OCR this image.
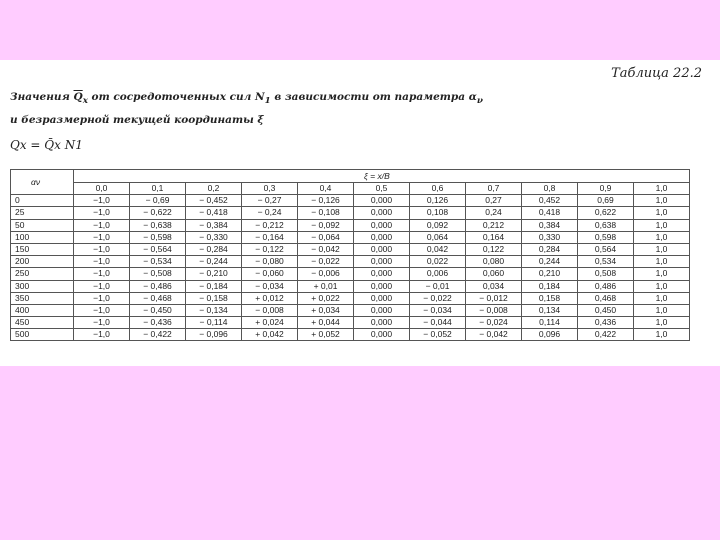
Таблица 22.2
Значения $\overline{Q}_x$ от сосредоточенных сил $N_1$ в зависимости от параметра $\alpha_\nu$
и безразмерной текущей координаты ξ
Qx = Q̄x N1
αν	ξ = x/B										
	0,0	0,1	0,2	0,3	0,4	0,5	0,6	0,7	0,8	0,9	1,0
0	−1,0	− 0,69	− 0,452	− 0,27	− 0,126	0,000	0,126	0,27	0,452	0,69	1,0
25	−1,0	− 0,622	− 0,418	− 0,24	− 0,108	0,000	0,108	0,24	0,418	0,622	1,0
50	−1,0	− 0,638	− 0,384	− 0,212	− 0,092	0,000	0,092	0,212	0,384	0,638	1,0
100	−1,0	− 0,598	− 0,330	− 0,164	− 0,064	0,000	0,064	0,164	0,330	0,598	1,0
150	−1,0	− 0,564	− 0,284	− 0,122	− 0,042	0,000	0,042	0,122	0,284	0,564	1,0
200	−1,0	− 0,534	− 0,244	− 0,080	− 0,022	0,000	0,022	0,080	0,244	0,534	1,0
250	−1,0	− 0,508	− 0,210	− 0,060	− 0,006	0,000	0,006	0,060	0,210	0,508	1,0
300	−1,0	− 0,486	− 0,184	− 0,034	+ 0,01	0,000	− 0,01	0,034	0,184	0,486	1,0
350	−1,0	− 0,468	− 0,158	+ 0,012	+ 0,022	0,000	− 0,022	− 0,012	0,158	0,468	1,0
400	−1,0	− 0,450	− 0,134	− 0,008	+ 0,034	0,000	− 0,034	− 0,008	0,134	0,450	1,0
450	−1,0	− 0,436	− 0,114	+ 0,024	+ 0,044	0,000	− 0,044	− 0,024	0,114	0,436	1,0
500	−1,0	− 0,422	− 0,096	+ 0,042	+ 0,052	0,000	− 0,052	− 0,042	0,096	0,422	1,0
